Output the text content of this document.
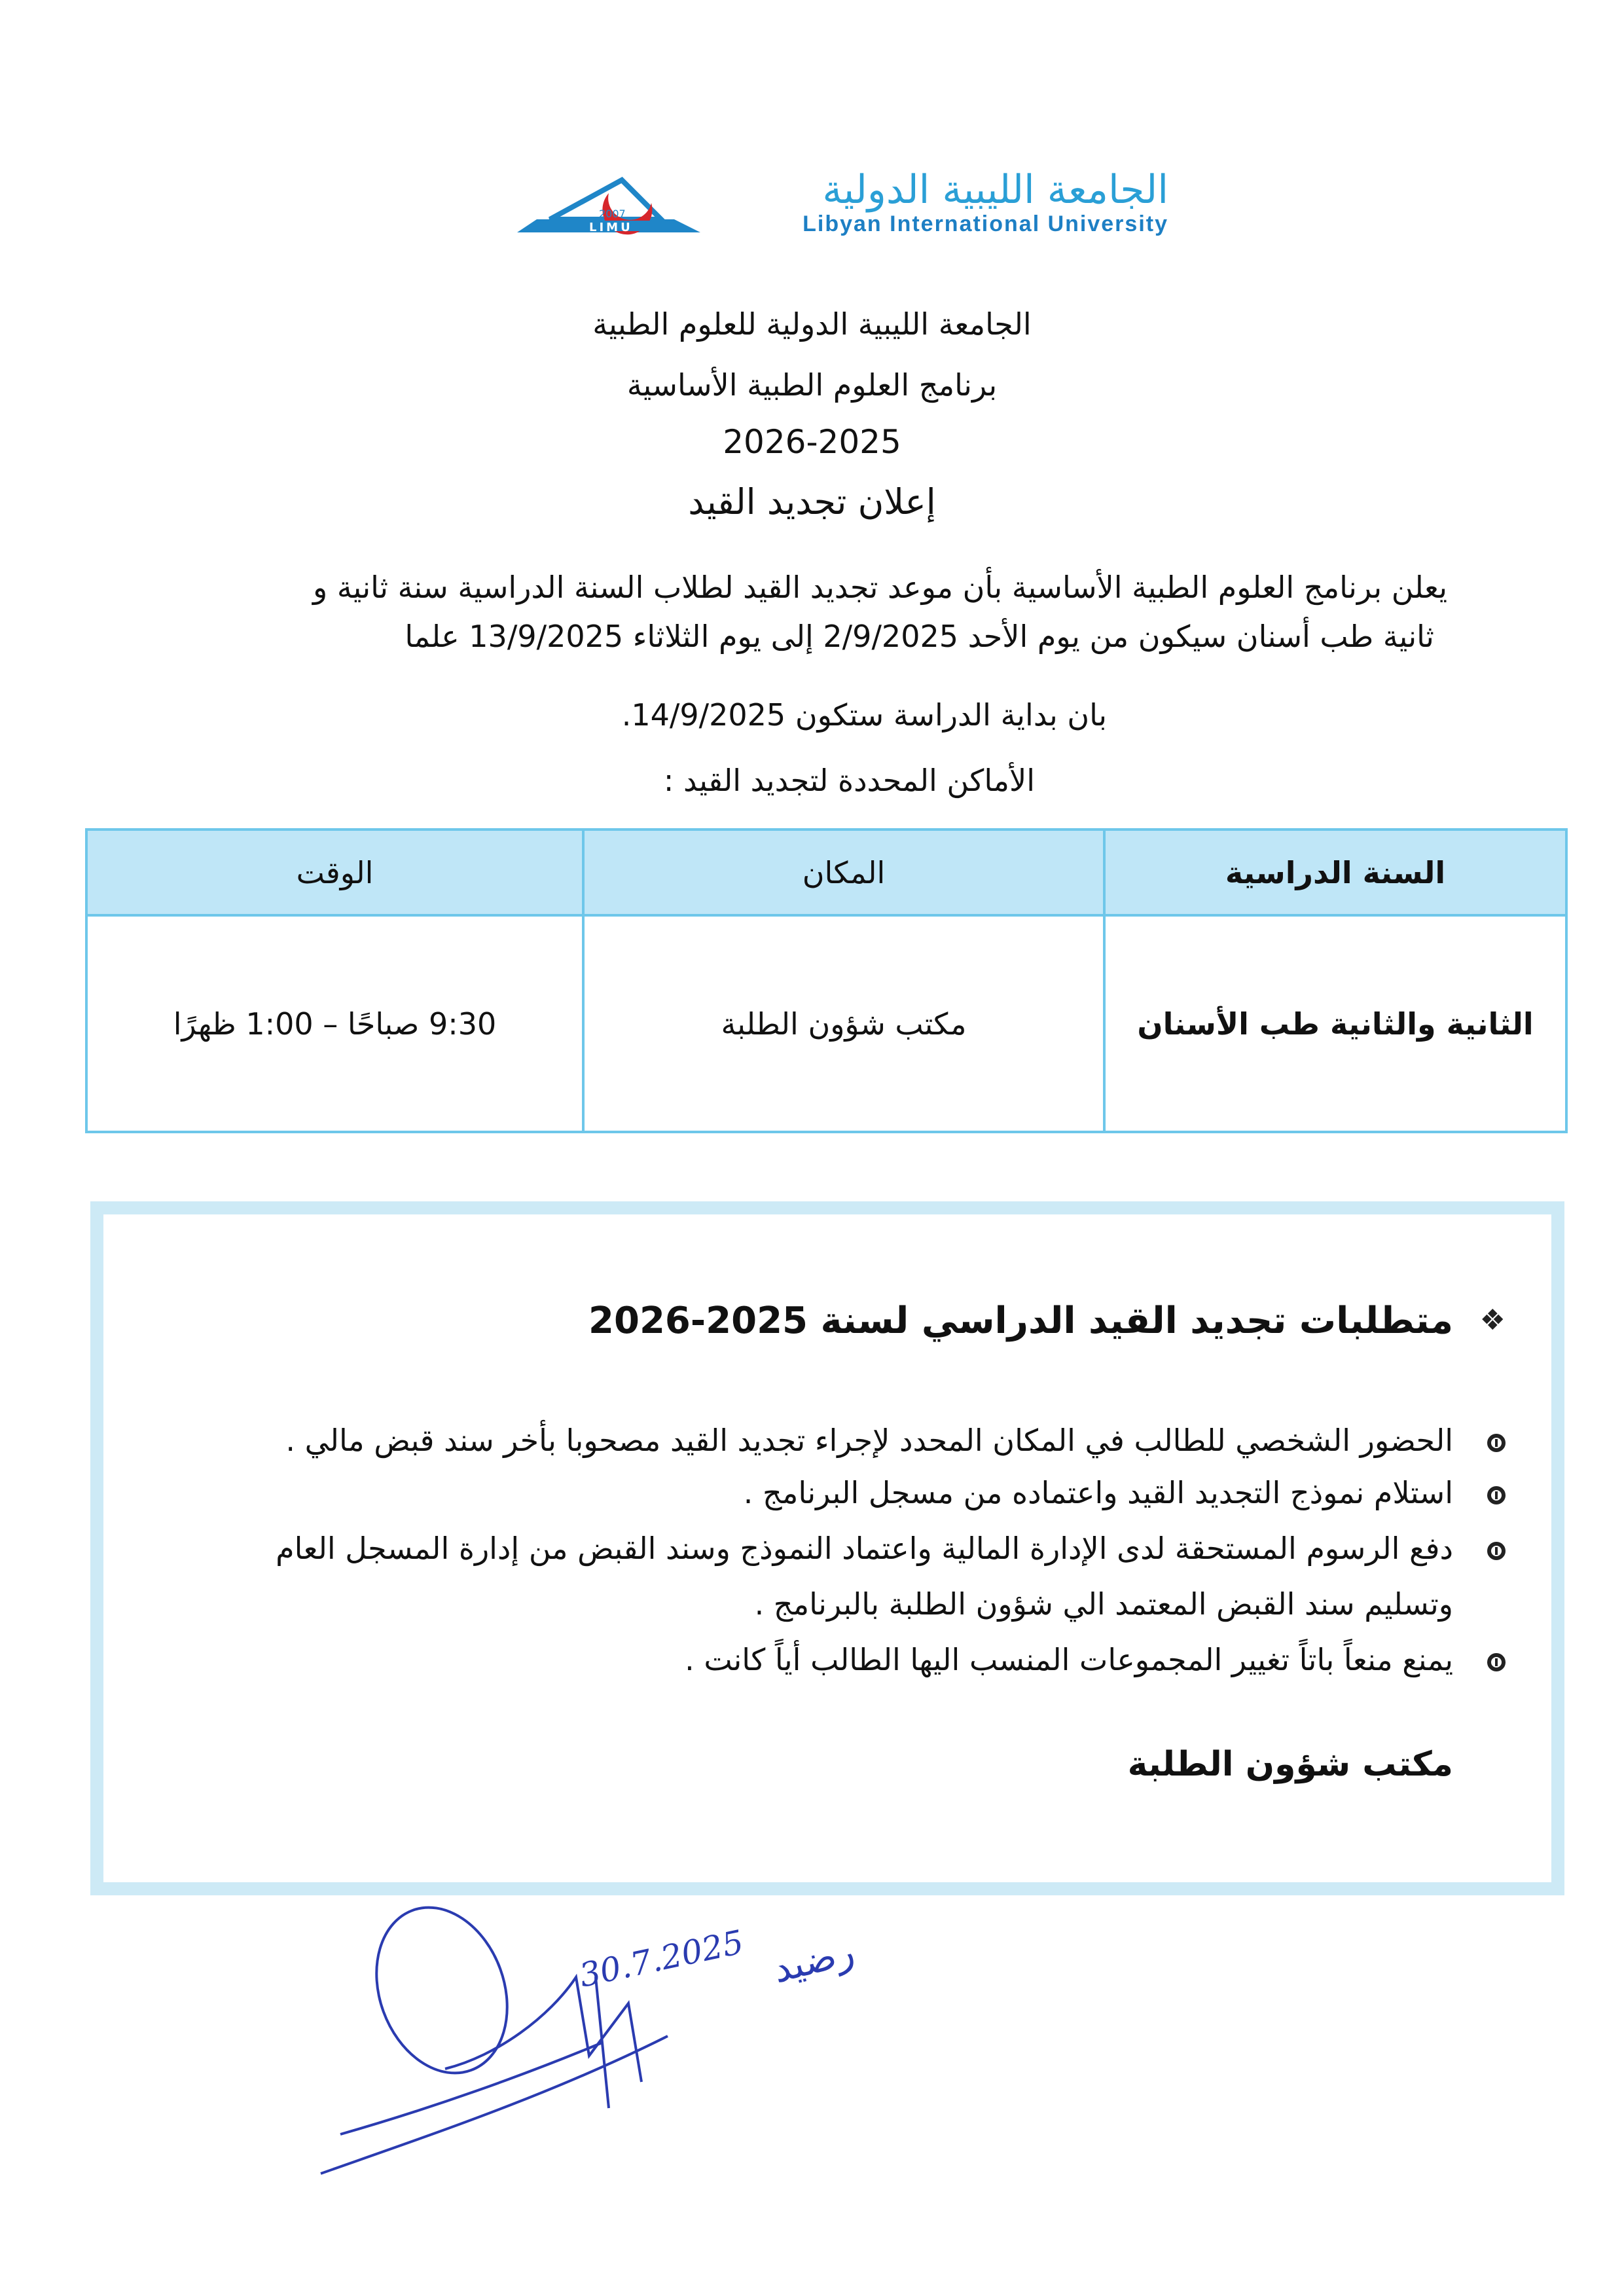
2007
LIMU
الجامعة الليبية الدولية
Libyan International University
الجامعة الليبية الدولية للعلوم الطبية
برنامج العلوم الطبية الأساسية
2026-2025
إعلان تجديد القيد
يعلن برنامج العلوم الطبية الأساسية بأن موعد تجديد القيد لطلاب السنة الدراسية سنة ثانية و
ثانية طب أسنان سيكون من يوم الأحد 2/9/2025 إلى يوم الثلاثاء 13/9/2025 علما
بان بداية الدراسة ستكون 14/9/2025.
الأماكن المحددة لتجديد القيد :
السنة الدراسية	المكان	الوقت
الثانية والثانية طب الأسنان	مكتب شؤون الطلبة	9:30 صباحًا – 1:00 ظهرًا
❖
متطلبات تجديد القيد الدراسي لسنة 2025-2026
الحضور الشخصي للطالب في المكان المحدد لإجراء تجديد القيد مصحوبا بأخر سند قبض مالي .
استلام نموذج التجديد القيد واعتماده من مسجل البرنامج .
دفع الرسوم المستحقة لدى الإدارة المالية واعتماد النموذج وسند القبض من إدارة المسجل العام
وتسليم سند القبض المعتمد الي شؤون الطلبة بالبرنامج .
يمنع منعاً باتاً تغيير المجموعات المنسب اليها الطالب أياً كانت .
مكتب شؤون الطلبة
30.7.2025 رضيد
